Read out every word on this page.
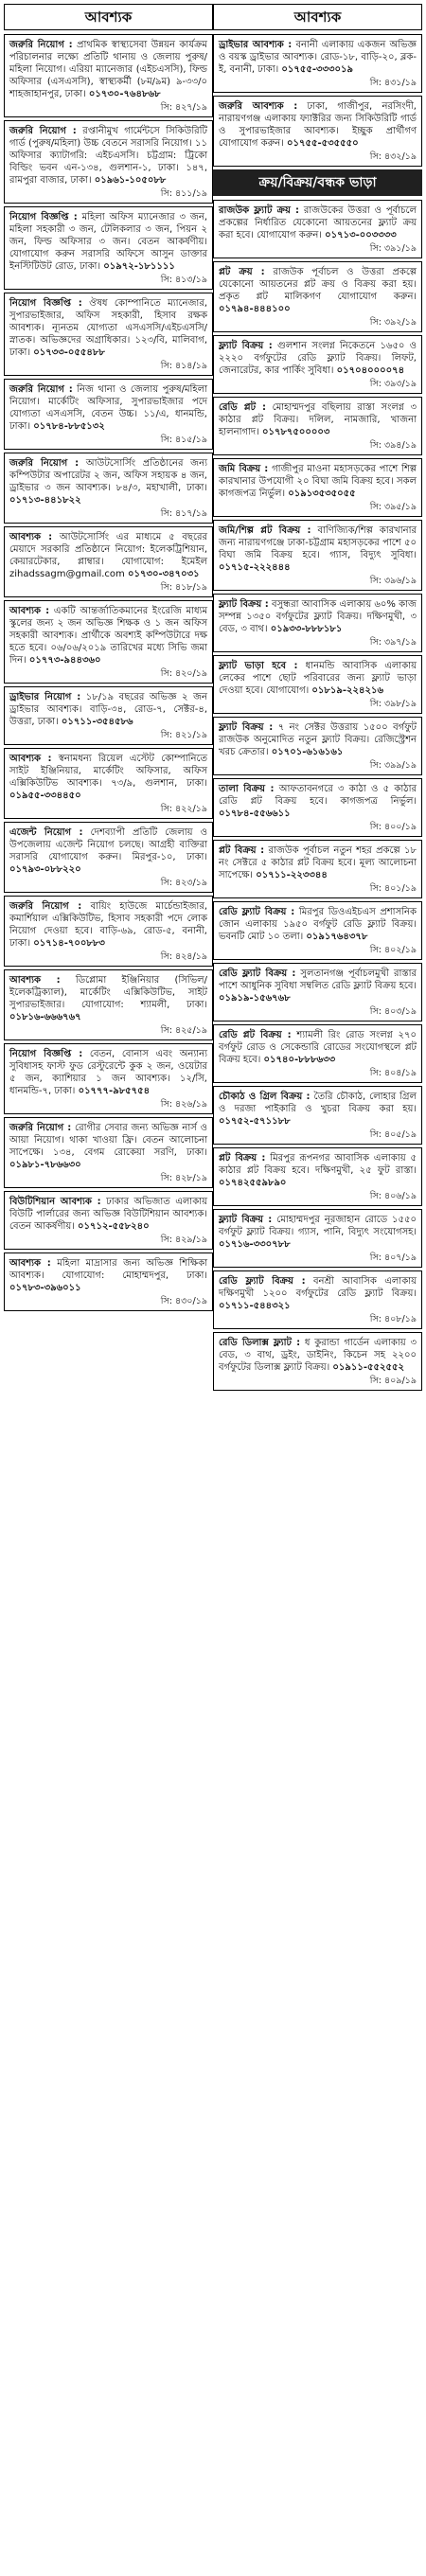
আবশ্যক
জরুরি নিয়োগ : প্রাথমিক স্বাস্থ্যসেবা উন্নয়ন কার্যক্রম পরিচালনার লক্ষ্যে প্রতিটি থানায় ও জেলায় পুরুষ/ মহিলা নিয়োগ। এরিয়া ম্যানেজার (এইচএসসি), ফিল্ড অফিসার (এসএসসি), স্বাস্থ্যকর্মী (৮ম/৯ম) ৯-৩৩/০ শাহজাহানপুর, ঢাকা। ০১৭৩০-৭৬৪৮৬৮
সি: ৪২৭/১৯
জরুরি নিয়োগ : রপ্তানীমুখ গার্মেন্টসে সিকিউরিটি গার্ড (পুরুষ/মহিলা) উচ্চ বেতনে সরাসরি নিয়োগ। ১১ অফিসার ক্যাটাগরি: এইচএসসি। চট্টগ্রাম: ট্রিকো বিল্ডিং ভবন এন-১৩৪, গুলশান-১, ঢাকা। ১৪৭, রামপুরা বাজার, ঢাকা। ০১৯৬১-১০৫০৮৮
সি: ৪১১/১৯
নিয়োগ বিজ্ঞপ্তি : মহিলা অফিস ম্যানেজার ৩ জন, মহিলা সহকারী ৩ জন, টেলিকলার ৩ জন, পিয়ন ২ জন, ফিল্ড অফিসার ৩ জন। বেতন আকর্ষণীয়। যোগাযোগ করুন সরাসরি অফিসে আসুন ডাক্তার ইনস্টিটিউট রোড, ঢাকা। ০১৯৭২-১৮১১১১
সি: ৪১৩/১৯
নিয়োগ বিজ্ঞপ্তি : ঔষধ কোম্পানিতে ম্যানেজার, সুপারভাইজার, অফিস সহকারী, হিসাব রক্ষক আবশ্যক। ন্যূনতম যোগ্যতা এসএসসি/এইচএসসি/স্নাতক। অভিজ্ঞদের অগ্রাধিকার। ১২৩/বি, মালিবাগ, ঢাকা। ০১৭৩৩-০৫৫৪৮৮
সি: ৪১৪/১৯
জরুরি নিয়োগ : নিজ থানা ও জেলায় পুরুষ/মহিলা নিয়োগ। মার্কেটিং অফিসার, সুপারভাইজার পদে যোগ্যতা এসএসসি, বেতন উচ্চ। ১১/এ, ধানমন্ডি, ঢাকা। ০১৭৮৪-৮৮৫১৩২
সি: ৪১৫/১৯
জরুরি নিয়োগ : আউটসোর্সিং প্রতিষ্ঠানের জন্য কম্পিউটার অপারেটর ২ জন, অফিস সহায়ক ৪ জন, ড্রাইভার ৩ জন আবশ্যক। ৮৪/৩, মহাখালী, ঢাকা। ০১৭১৩-৪৪১৮২২
সি: ৪১৭/১৯
আবশ্যক : আউটসোর্সিং এর মাধ্যমে ৫ বছরের মেয়াদে সরকারি প্রতিষ্ঠানে নিয়োগ: ইলেকট্রিশিয়ান, কেয়ারটেকার, প্লাম্বার। যোগাযোগ: ইমেইল zihadssagm@gmail.com ০১৭৩০-৩৪৭০৩১
সি: ৪১৮/১৯
আবশ্যক : একটি আন্তর্জাতিকমানের ইংরেজি মাধ্যম স্কুলের জন্য ২ জন অভিজ্ঞ শিক্ষক ও ১ জন অফিস সহকারী আবশ্যক। প্রার্থীকে অবশ্যই কম্পিউটারে দক্ষ হতে হবে। ০৬/০৬/২০১৯ তারিখের মধ্যে সিভি জমা দিন। ০১৭৭৩-৯৪৪৩৬০
সি: ৪২০/১৯
ড্রাইভার নিয়োগ : ১৮/১৯ বছরের অভিজ্ঞ ২ জন ড্রাইভার আবশ্যক। বাড়ি-৩৪, রোড-৭, সেক্টর-৪, উত্তরা, ঢাকা। ০১৭১১-৩৫৪৫৮৬
সি: ৪২১/১৯
আবশ্যক : স্বনামধন্য রিয়েল এস্টেট কোম্পানিতে সাইট ইঞ্জিনিয়ার, মার্কেটিং অফিসার, অফিস এক্সিকিউটিভ আবশ্যক। ৭৩/৯, গুলশান, ঢাকা। ০১৯৫৫-৩৩৪৪৫০
সি: ৪২২/১৯
এজেন্ট নিয়োগ : দেশব্যাপী প্রতিটি জেলায় ও উপজেলায় এজেন্ট নিয়োগ চলছে। আগ্রহী ব্যক্তিরা সরাসরি যোগাযোগ করুন। মিরপুর-১০, ঢাকা। ০১৭৯৩-০৮৮২২০
সি: ৪২৩/১৯
জরুরি নিয়োগ : বায়িং হাউজে মার্চেন্ডাইজার, কমার্শিয়াল এক্সিকিউটিভ, হিসাব সহকারী পদে লোক নিয়োগ দেওয়া হবে। বাড়ি-৬৯, রোড-৫, বনানী, ঢাকা। ০১৭১৪-৭০০৮৮৩
সি: ৪২৪/১৯
আবশ্যক : ডিপ্লোমা ইঞ্জিনিয়ার (সিভিল/ইলেকট্রিক্যাল), মার্কেটিং এক্সিকিউটিভ, সাইট সুপারভাইজার। যোগাযোগ: শ্যামলী, ঢাকা। ০১৮১৬-৬৬৬৭৬৭
সি: ৪২৫/১৯
নিয়োগ বিজ্ঞপ্তি : বেতন, বোনাস এবং অন্যান্য সুবিধাসহ ফাস্ট ফুড রেস্টুরেন্টে কুক ২ জন, ওয়েটার ৫ জন, ক্যাশিয়ার ১ জন আবশ্যক। ১২/সি, ধানমন্ডি-৭, ঢাকা। ০১৭৭৭-৯৮৫৭৫৪
সি: ৪২৬/১৯
জরুরি নিয়োগ : রোগীর সেবার জন্য অভিজ্ঞ নার্স ও আয়া নিয়োগ। থাকা খাওয়া ফ্রি। বেতন আলোচনা সাপেক্ষে। ১৩৪, বেগম রোকেয়া সরণি, ঢাকা। ০১৯৮১-৭৮৬৬৩০
সি: ৪২৮/১৯
বিউটিশিয়ান আবশ্যক : ঢাকার অভিজাত এলাকায় বিউটি পার্লারের জন্য অভিজ্ঞ বিউটিশিয়ান আবশ্যক। বেতন আকর্ষণীয়। ০১৭১২-৫৫৮২৪০
সি: ৪২৯/১৯
আবশ্যক : মহিলা মাদ্রাসার জন্য অভিজ্ঞ শিক্ষিকা আবশ্যক। যোগাযোগ: মোহাম্মদপুর, ঢাকা। ০১৭৮৩-৩৯৬০১১
সি: ৪৩০/১৯
আবশ্যক
ড্রাইভার আবশ্যক : বনানী এলাকায় একজন অভিজ্ঞ ও বয়স্ক ড্রাইভার আবশ্যক। রোড-১৮, বাড়ি-২০, ব্লক-ই, বনানী, ঢাকা। ০১৭৫৫-৩৩৩০১৯
সি: ৪৩১/১৯
জরুরি আবশ্যক : ঢাকা, গাজীপুর, নরসিংদী, নারায়ণগঞ্জ এলাকায় ফ্যাক্টরির জন্য সিকিউরিটি গার্ড ও সুপারভাইজার আবশ্যক। ইচ্ছুক প্রার্থীগণ যোগাযোগ করুন। ০১৭৫৫-৫৩৫৫৫০
সি: ৪৩২/১৯
ক্রয়/বিক্রয়/বন্ধক ভাড়া
রাজউক ফ্ল্যাট ক্রয় : রাজউকের উত্তরা ও পূর্বাচলে প্রকল্পের নির্ধারিত যেকোনো আয়তনের ফ্ল্যাট ক্রয় করা হবে। যোগাযোগ করুন। ০১৭১৩-০০৩৩৩৩
সি: ৩৯১/১৯
প্লট ক্রয় : রাজউক পূর্বাচল ও উত্তরা প্রকল্পে যেকোনো আয়তনের প্লট ক্রয় ও বিক্রয় করা হয়। প্রকৃত প্লট মালিকগণ যোগাযোগ করুন। ০১৭৯৪-৪৪৪১০০
সি: ৩৯২/১৯
ফ্ল্যাট বিক্রয় : গুলশান সংলগ্ন নিকেতনে ১৬৫০ ও ২২২০ বর্গফুটের রেডি ফ্ল্যাট বিক্রয়। লিফট, জেনারেটর, কার পার্কিং সুবিধা। ০১৭০৪০০০০৭৪
সি: ৩৯৩/১৯
রেডি প্লট : মোহাম্মদপুর বছিলায় রাস্তা সংলগ্ন ৩ কাঠার প্লট বিক্রয়। দলিল, নামজারি, খাজনা হালনাগাদ। ০১৭৮৭৫০০০০৩
সি: ৩৯৪/১৯
জমি বিক্রয় : গাজীপুর মাওনা মহাসড়কের পাশে শিল্প কারখানার উপযোগী ২০ বিঘা জমি বিক্রয় হবে। সকল কাগজপত্র নির্ভুল। ০১৯১৩৫৩৫০৫৫
সি: ৩৯৫/১৯
জমি/শিল্প প্লট বিক্রয় : বাণিজ্যিক/শিল্প কারখানার জন্য নারায়ণগঞ্জে ঢাকা-চট্টগ্রাম মহাসড়কের পাশে ৫০ বিঘা জমি বিক্রয় হবে। গ্যাস, বিদ্যুৎ সুবিধা। ০১৭১৫-২২২৪৪৪
সি: ৩৯৬/১৯
ফ্ল্যাট বিক্রয় : বসুন্ধরা আবাসিক এলাকায় ৬০% কাজ সম্পন্ন ১৩৫০ বর্গফুটের ফ্ল্যাট বিক্রয়। দক্ষিণমুখী, ৩ বেড, ৩ বাথ। ০১৯৩৩-৮৮৮১৮১
সি: ৩৯৭/১৯
ফ্ল্যাট ভাড়া হবে : ধানমন্ডি আবাসিক এলাকায় লেকের পাশে ছোট পরিবারের জন্য ফ্ল্যাট ভাড়া দেওয়া হবে। যোগাযোগ। ০১৮১৯-২২৪২১৬
সি: ৩৯৮/১৯
ফ্ল্যাট বিক্রয় : ৭ নং সেক্টর উত্তরায় ১৫০০ বর্গফুট রাজউক অনুমোদিত নতুন ফ্ল্যাট বিক্রয়। রেজিস্ট্রেশন খরচ ক্রেতার। ০১৭০১-৬১৬১৬১
সি: ৩৯৯/১৯
তালা বিক্রয় : আফতাবনগরে ৩ কাঠা ও ৫ কাঠার রেডি প্লট বিক্রয় হবে। কাগজপত্র নির্ভুল। ০১৭৮৪-৫৫৬৬১১
সি: ৪০০/১৯
প্লট বিক্রয় : রাজউক পূর্বাচল নতুন শহর প্রকল্পে ১৮ নং সেক্টরে ৫ কাঠার প্লট বিক্রয় হবে। মূল্য আলোচনা সাপেক্ষে। ০১৭১১-২২৩৩৪৪
সি: ৪০১/১৯
রেডি ফ্ল্যাট বিক্রয় : মিরপুর ডিওএইচএস প্রশাসনিক জোন এলাকায় ১৯৫০ বর্গফুট রেডি ফ্ল্যাট বিক্রয়। ভবনটি মোট ১০ তলা। ০১৯১৭৬৪৩৭৮
সি: ৪০২/১৯
রেডি ফ্ল্যাট বিক্রয় : সুলতানগঞ্জ পূর্বাচলমুখী রাস্তার পাশে আধুনিক সুবিধা সম্বলিত রেডি ফ্ল্যাট বিক্রয় হবে। ০১৯১৯-১৫৬৭৬৮
সি: ৪০৩/১৯
রেডি প্লট বিক্রয় : শ্যামলী রিং রোড সংলগ্ন ২৭০ বর্গফুট রোড ও সেকেন্ডারি রোডের সংযোগস্থলে প্লট বিক্রয় হবে। ০১৭৪০-৮৮৮৬৩৩
সি: ৪০৪/১৯
চৌকাঠ ও গ্রিল বিক্রয় : তৈরি চৌকাঠ, লোহার গ্রিল ও দরজা পাইকারি ও খুচরা বিক্রয় করা হয়। ০১৭৫২-৫৭১১৮৮
সি: ৪০৫/১৯
প্লট বিক্রয় : মিরপুর রূপনগর আবাসিক এলাকায় ৫ কাঠার প্লট বিক্রয় হবে। দক্ষিণমুখী, ২৫ ফুট রাস্তা। ০১৭৪২৫৫৯৮৯০
সি: ৪০৬/১৯
ফ্ল্যাট বিক্রয় : মোহাম্মদপুর নূরজাহান রোডে ১৫৫০ বর্গফুট ফ্ল্যাট বিক্রয়। গ্যাস, পানি, বিদ্যুৎ সংযোগসহ। ০১৭১৬-৩৩০৭৮৮
সি: ৪০৭/১৯
রেডি ফ্ল্যাট বিক্রয় : বনশ্রী আবাসিক এলাকায় দক্ষিণমুখী ১২০০ বর্গফুটের রেডি ফ্ল্যাট বিক্রয়। ০১৭১১-৫৪৪৩২১
সি: ৪০৮/১৯
রেডি ডিলাক্স ফ্ল্যাট : ধ কুরান্ডা গার্ডেন এলাকায় ৩ বেড, ৩ বাথ, ড্রইং, ডাইনিং, কিচেন সহ ২২০০ বর্গফুটের ডিলাক্স ফ্ল্যাট বিক্রয়। ০১৯১১-৫৫২৫৫২
সি: ৪০৯/১৯
